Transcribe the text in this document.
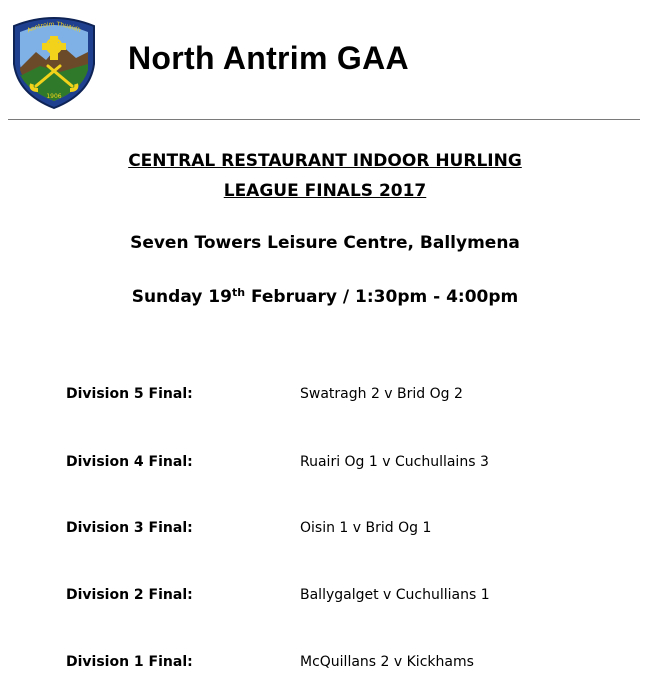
Aontroim Thuaidh
1906
North Antrim GAA
CENTRAL RESTAURANT INDOOR HURLING
LEAGUE FINALS 2017
Seven Towers Leisure Centre, Ballymena
Sunday 19th February / 1:30pm - 4:00pm
Division 5 Final:	Swatragh 2 v Brid Og 2
Division 4 Final:	Ruairi Og 1 v Cuchullains 3
Division 3 Final:	Oisin 1 v Brid Og 1
Division 2 Final:	Ballygalget v Cuchullians 1
Division 1 Final:	McQuillans 2 v Kickhams
